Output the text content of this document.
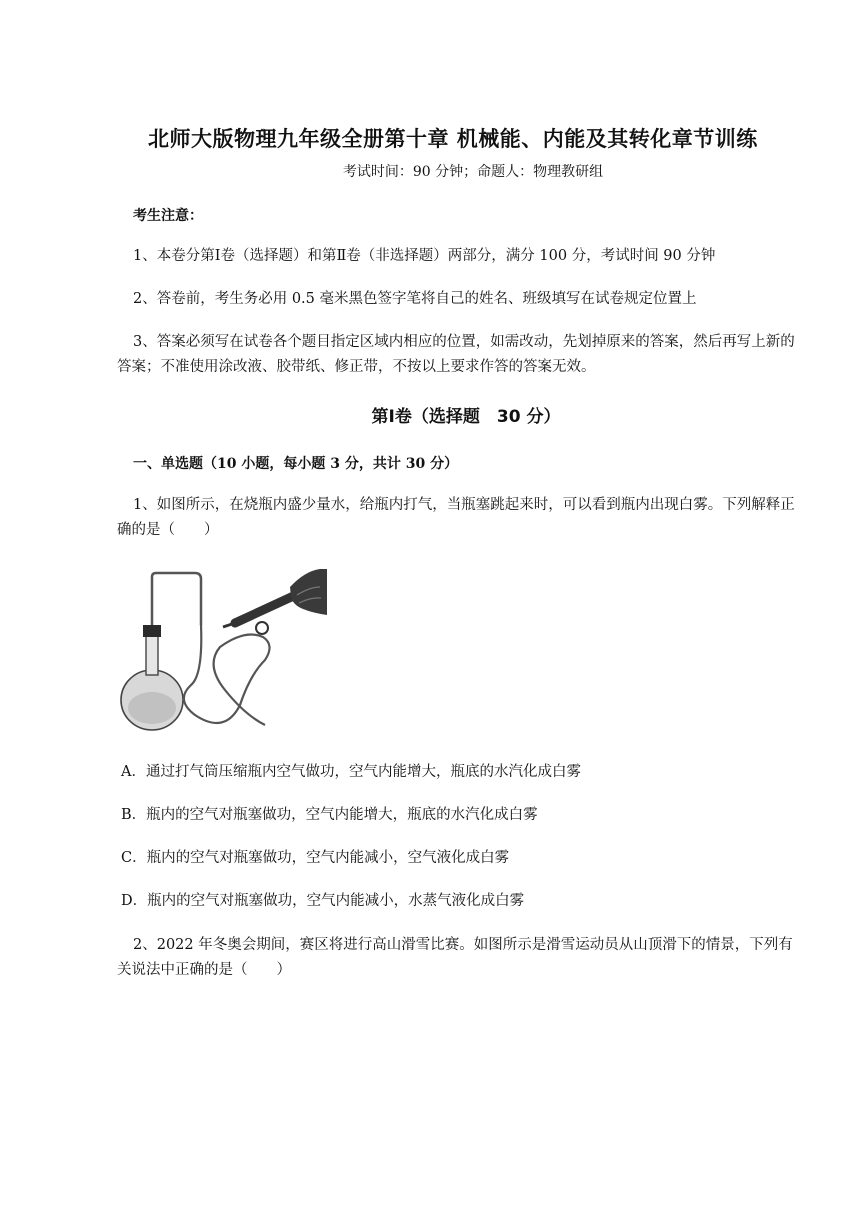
北师大版物理九年级全册第十章 机械能、内能及其转化章节训练
考试时间：90 分钟；命题人：物理教研组
考生注意：
1、本卷分第Ⅰ卷（选择题）和第Ⅱ卷（非选择题）两部分，满分 100 分，考试时间 90 分钟
2、答卷前，考生务必用 0.5 毫米黑色签字笔将自己的姓名、班级填写在试卷规定位置上
3、答案必须写在试卷各个题目指定区域内相应的位置，如需改动，先划掉原来的答案，然后再写上新的答案；不准使用涂改液、胶带纸、修正带，不按以上要求作答的答案无效。
第Ⅰ卷（选择题　30 分）
一、单选题（10 小题，每小题 3 分，共计 30 分）
1、如图所示，在烧瓶内盛少量水，给瓶内打气，当瓶塞跳起来时，可以看到瓶内出现白雾。下列解释正确的是（　　）
A．通过打气筒压缩瓶内空气做功，空气内能增大，瓶底的水汽化成白雾
B．瓶内的空气对瓶塞做功，空气内能增大，瓶底的水汽化成白雾
C．瓶内的空气对瓶塞做功，空气内能减小，空气液化成白雾
D．瓶内的空气对瓶塞做功，空气内能减小，水蒸气液化成白雾
2、2022 年冬奥会期间，赛区将进行高山滑雪比赛。如图所示是滑雪运动员从山顶滑下的情景，下列有关说法中正确的是（　　）
